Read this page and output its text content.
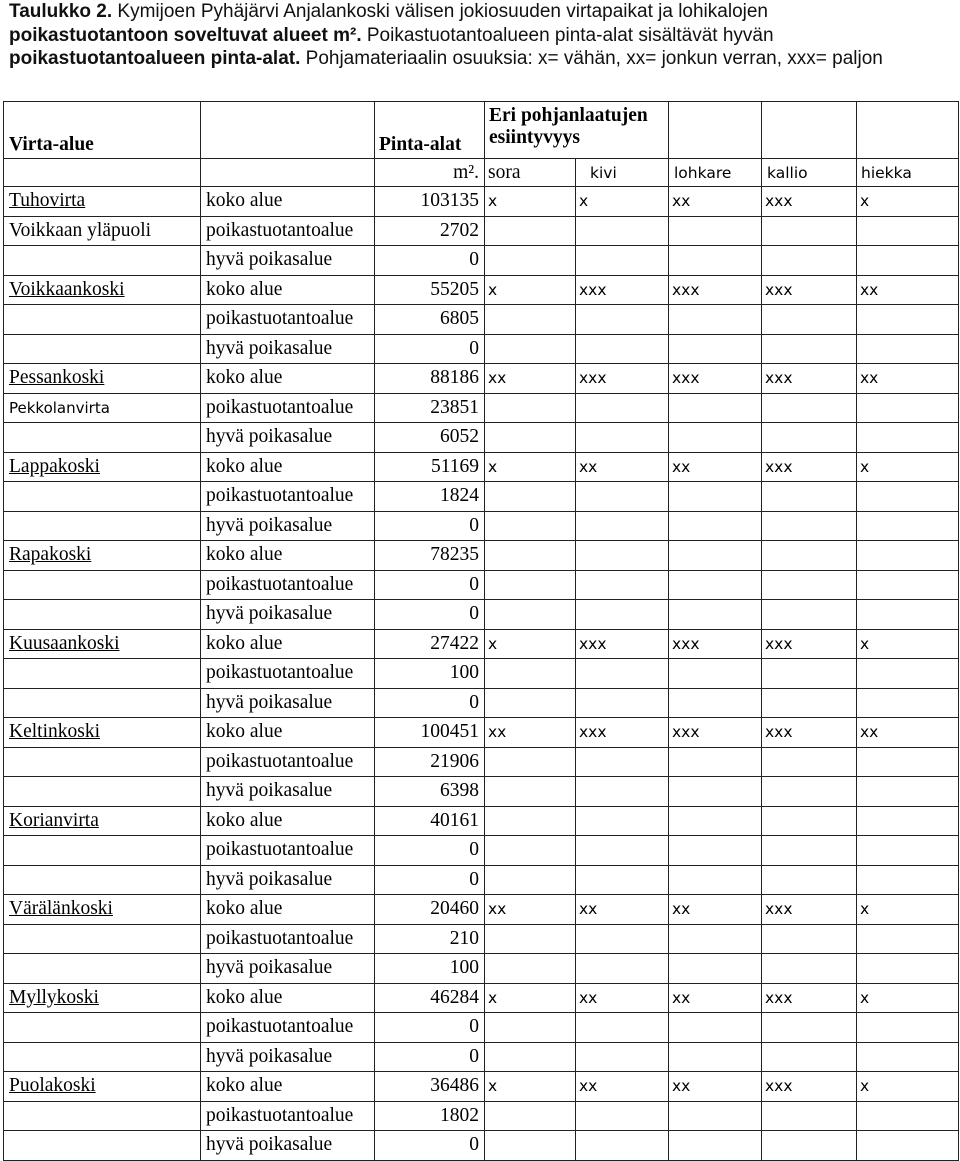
Taulukko 2. Kymijoen Pyhäjärvi Anjalankoski välisen jokiosuuden virtapaikat ja lohikalojen
poikastuotantoon soveltuvat alueet m². Poikastuotantoalueen pinta-alat sisältävät hyvän
poikastuotantoalueen pinta-alat. Pohjamateriaalin osuuksia: x= vähän, xx= jonkun verran, xxx= paljon
Virta-alue		Pinta-alat	Eri pohjanlaatujen esiintyvyys				
		m².	sora	kivi	lohkare	kallio	hiekka
Tuhovirta	koko alue	103135	x	x	xx	xxx	x
Voikkaan yläpuoli	poikastuotantoalue	2702					
	hyvä poikasalue	0					
Voikkaankoski	koko alue	55205	x	xxx	xxx	xxx	xx
	poikastuotantoalue	6805					
	hyvä poikasalue	0					
Pessankoski	koko alue	88186	xx	xxx	xxx	xxx	xx
Pekkolanvirta	poikastuotantoalue	23851					
	hyvä poikasalue	6052					
Lappakoski	koko alue	51169	x	xx	xx	xxx	x
	poikastuotantoalue	1824					
	hyvä poikasalue	0					
Rapakoski	koko alue	78235					
	poikastuotantoalue	0					
	hyvä poikasalue	0					
Kuusaankoski	koko alue	27422	x	xxx	xxx	xxx	x
	poikastuotantoalue	100					
	hyvä poikasalue	0					
Keltinkoski	koko alue	100451	xx	xxx	xxx	xxx	xx
	poikastuotantoalue	21906					
	hyvä poikasalue	6398					
Korianvirta	koko alue	40161					
	poikastuotantoalue	0					
	hyvä poikasalue	0					
Värälänkoski	koko alue	20460	xx	xx	xx	xxx	x
	poikastuotantoalue	210					
	hyvä poikasalue	100					
Myllykoski	koko alue	46284	x	xx	xx	xxx	x
	poikastuotantoalue	0					
	hyvä poikasalue	0					
Puolakoski	koko alue	36486	x	xx	xx	xxx	x
	poikastuotantoalue	1802					
	hyvä poikasalue	0					
